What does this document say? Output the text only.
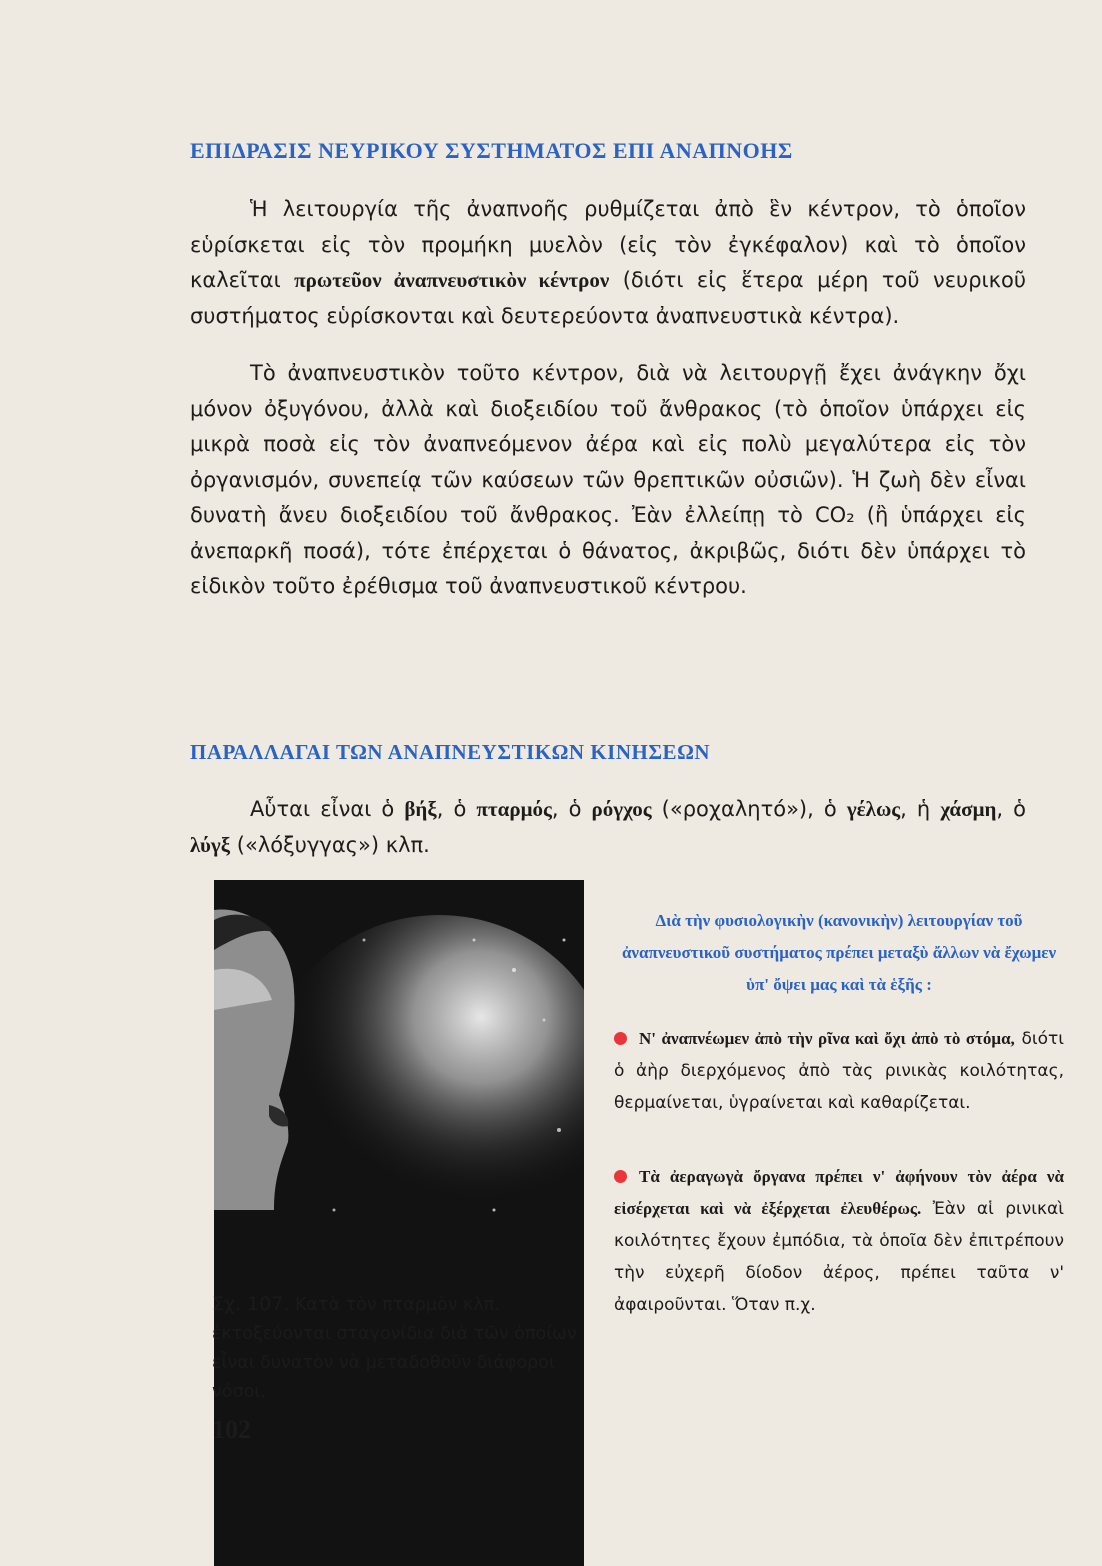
ΕΠΙΔΡΑΣΙΣ ΝΕΥΡΙΚΟΥ ΣΥΣΤΗΜΑΤΟΣ ΕΠΙ ΑΝΑΠΝΟΗΣ

Ἡ λειτουργία τῆς ἀναπνοῆς ρυθμίζεται ἀπὸ ἓν κέντρον, τὸ ὁποῖον εὑρίσκεται εἰς τὸν προμήκη μυελὸν (εἰς τὸν ἐγκέφαλον) καὶ τὸ ὁποῖον καλεῖται πρωτεῦον ἀναπνευστικὸν κέντρον (διότι εἰς ἕτερα μέρη τοῦ νευρικοῦ συστήματος εὑρίσκονται καὶ δευτερεύοντα ἀναπνευστικὰ κέντρα).

Τὸ ἀναπνευστικὸν τοῦτο κέντρον, διὰ νὰ λειτουργῇ ἔχει ἀνάγκην ὄχι μόνον ὀξυγόνου, ἀλλὰ καὶ διοξειδίου τοῦ ἄνθρακος (τὸ ὁποῖον ὑπάρχει εἰς μικρὰ ποσὰ εἰς τὸν ἀναπνεόμενον ἀέρα καὶ εἰς πολὺ μεγαλύτερα εἰς τὸν ὀργανισμόν, συνεπείᾳ τῶν καύσεων τῶν θρεπτικῶν οὐσιῶν). Ἡ ζωὴ δὲν εἶναι δυνατὴ ἄνευ διοξειδίου τοῦ ἄνθρακος. Ἐὰν ἐλλείπῃ τὸ CO₂ (ἢ ὑπάρχει εἰς ἀνεπαρκῆ ποσά), τότε ἐπέρχεται ὁ θάνατος, ἀκριβῶς, διότι δὲν ὑπάρχει τὸ εἰδικὸν τοῦτο ἐρέθισμα τοῦ ἀναπνευστικοῦ κέντρου.

ΠΑΡΑΛΛΑΓΑΙ ΤΩΝ ΑΝΑΠΝΕΥΣΤΙΚΩΝ ΚΙΝΗΣΕΩΝ

Αὗται εἶναι ὁ βήξ, ὁ πταρμός, ὁ ρόγχος («ροχαλητό»), ὁ γέλως, ἡ χάσμη, ὁ λύγξ («λόξυγγας») κλπ.

Σχ. 107. Κατὰ τὸν πταρμὸν κλπ. ἐκτοξεύονται σταγονίδια διὰ τῶν ὁποίων εἶναι δυνατὸν νὰ μεταδοθοῦν διάφοροι νόσοι.

Διὰ τὴν φυσιολογικὴν (κανονικὴν) λειτουργίαν τοῦ ἀναπνευστικοῦ συστήματος πρέπει μεταξὺ ἄλλων νὰ ἔχωμεν ὑπ' ὄψει μας καὶ τὰ ἑξῆς :
Ν' ἀναπνέωμεν ἀπὸ τὴν ρῖνα καὶ ὄχι ἀπὸ τὸ στόμα, διότι ὁ ἀὴρ διερχόμενος ἀπὸ τὰς ρινικὰς κοιλότητας, θερμαίνεται, ὑγραίνεται καὶ καθαρίζεται.
Τὰ ἀεραγωγὰ ὄργανα πρέπει ν' ἀφήνουν τὸν ἀέρα νὰ εἰσέρχεται καὶ νὰ ἐξέρχεται ἐλευθέρως. Ἐὰν αἱ ρινικαὶ κοιλότητες ἔχουν ἐμπόδια, τὰ ὁποῖα δὲν ἐπιτρέπουν τὴν εὐχερῆ δίοδον ἀέρος, πρέπει ταῦτα ν' ἀφαιροῦνται. Ὅταν π.χ.

102
